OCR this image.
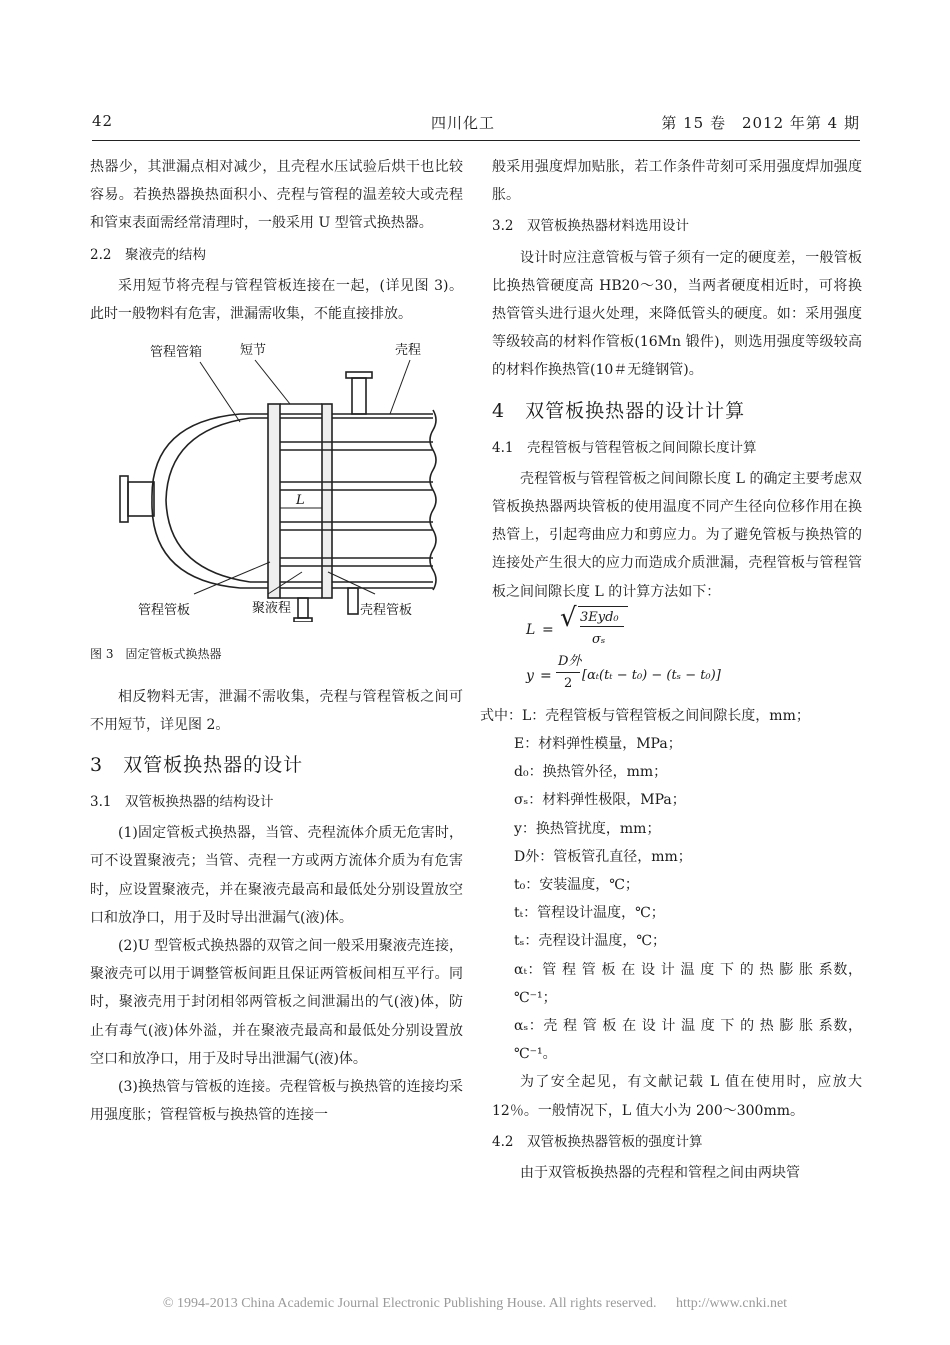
42	四川化工	第 15 卷　2012 年第 4 期

热器少，其泄漏点相对减少，且壳程水压试验后烘干也比较容易。若换热器换热面积小、壳程与管程的温差较大或壳程和管束表面需经常清理时，一般采用 U 型管式换热器。

2.2　聚液壳的结构

采用短节将壳程与管程管板连接在一起，(详见图 3)。此时一般物料有危害，泄漏需收集，不能直接排放。

管程管箱	短节	壳程
管程管板	聚液程	壳程管板
L

图 3　固定管板式换热器

相反物料无害，泄漏不需收集，壳程与管程管板之间可不用短节，详见图 2。

3　双管板换热器的设计

3.1　双管板换热器的结构设计

(1)固定管板式换热器，当管、壳程流体介质无危害时，可不设置聚液壳；当管、壳程一方或两方流体介质为有危害时，应设置聚液壳，并在聚液壳最高和最低处分别设置放空口和放净口，用于及时导出泄漏气(液)体。

(2)U 型管板式换热器的双管之间一般采用聚液壳连接，聚液壳可以用于调整管板间距且保证两管板间相互平行。同时，聚液壳用于封闭相邻两管板之间泄漏出的气(液)体，防止有毒气(液)体外溢，并在聚液壳最高和最低处分别设置放空口和放净口，用于及时导出泄漏气(液)体。

(3)换热管与管板的连接。壳程管板与换热管的连接均采用强度胀；管程管板与换热管的连接一

般采用强度焊加贴胀，若工作条件苛刻可采用强度焊加强度胀。

3.2　双管板换热器材料选用设计

设计时应注意管板与管子须有一定的硬度差，一般管板比换热管硬度高 HB20～30，当两者硬度相近时，可将换热管管头进行退火处理，来降低管头的硬度。如：采用强度等级较高的材料作管板(16Mn 锻件)，则选用强度等级较高的材料作换热管(10＃无缝钢管)。

4　双管板换热器的设计计算

4.1　壳程管板与管程管板之间间隙长度计算

壳程管板与管程管板之间间隙长度 L 的确定主要考虑双管板换热器两块管板的使用温度不同产生径向位移作用在换热管上，引起弯曲应力和剪应力。为了避免管板与换热管的连接处产生很大的应力而造成介质泄漏，壳程管板与管程管板之间间隙长度 L 的计算方法如下：

L = √ 3Eyd₀
σₛ
y =
D外
2
[αₜ(tₜ − t₀) − (tₛ − t₀)]

式中：L：壳程管板与管程管板之间间隙长度，mm；

E：材料弹性模量，MPa；

d₀：换热管外径，mm；

σₛ：材料弹性极限，MPa；

y：换热管扰度，mm；

D外：管板管孔直径，mm；

t₀：安装温度，℃；

tₜ：管程设计温度，℃；

tₛ：壳程设计温度，℃；

αₜ：管 程 管 板 在 设 计 温 度 下 的 热 膨 胀 系数，℃⁻¹；

αₛ：壳 程 管 板 在 设 计 温 度 下 的 热 膨 胀 系数，℃⁻¹。

为了安全起见，有文献记载 L 值在使用时，应放大 12％。一般情况下，L 值大小为 200～300mm。

4.2　双管板换热器管板的强度计算

由于双管板换热器的壳程和管程之间由两块管

© 1994-2013 China Academic Journal Electronic Publishing House. All rights reserved. http://www.cnki.net
